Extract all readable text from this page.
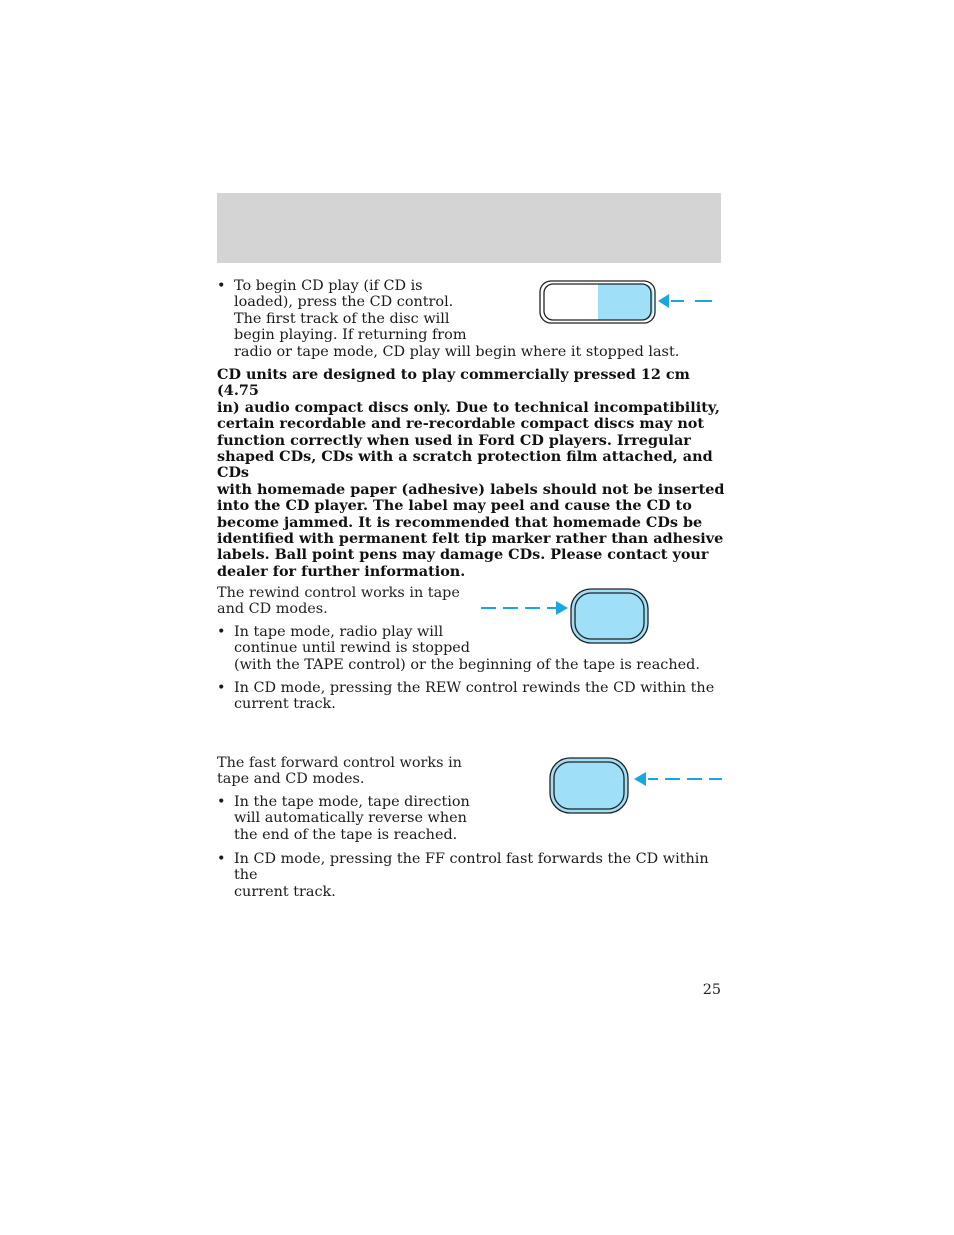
• To begin CD play (if CD is
loaded), press the CD control.
The first track of the disc will
begin playing. If returning from
radio or tape mode, CD play will begin where it stopped last.
CD units are designed to play commercially pressed 12 cm (4.75
in) audio compact discs only. Due to technical incompatibility,
certain recordable and re-recordable compact discs may not
function correctly when used in Ford CD players. Irregular
shaped CDs, CDs with a scratch protection film attached, and CDs
with homemade paper (adhesive) labels should not be inserted
into the CD player. The label may peel and cause the CD to
become jammed. It is recommended that homemade CDs be
identified with permanent felt tip marker rather than adhesive
labels. Ball point pens may damage CDs. Please contact your
dealer for further information.
The rewind control works in tape
and CD modes.
• In tape mode, radio play will
continue until rewind is stopped
(with the TAPE control) or the beginning of the tape is reached.
• In CD mode, pressing the REW control rewinds the CD within the
current track.
The fast forward control works in
tape and CD modes.
• In the tape mode, tape direction
will automatically reverse when
the end of the tape is reached.
• In CD mode, pressing the FF control fast forwards the CD within the
current track.
25
